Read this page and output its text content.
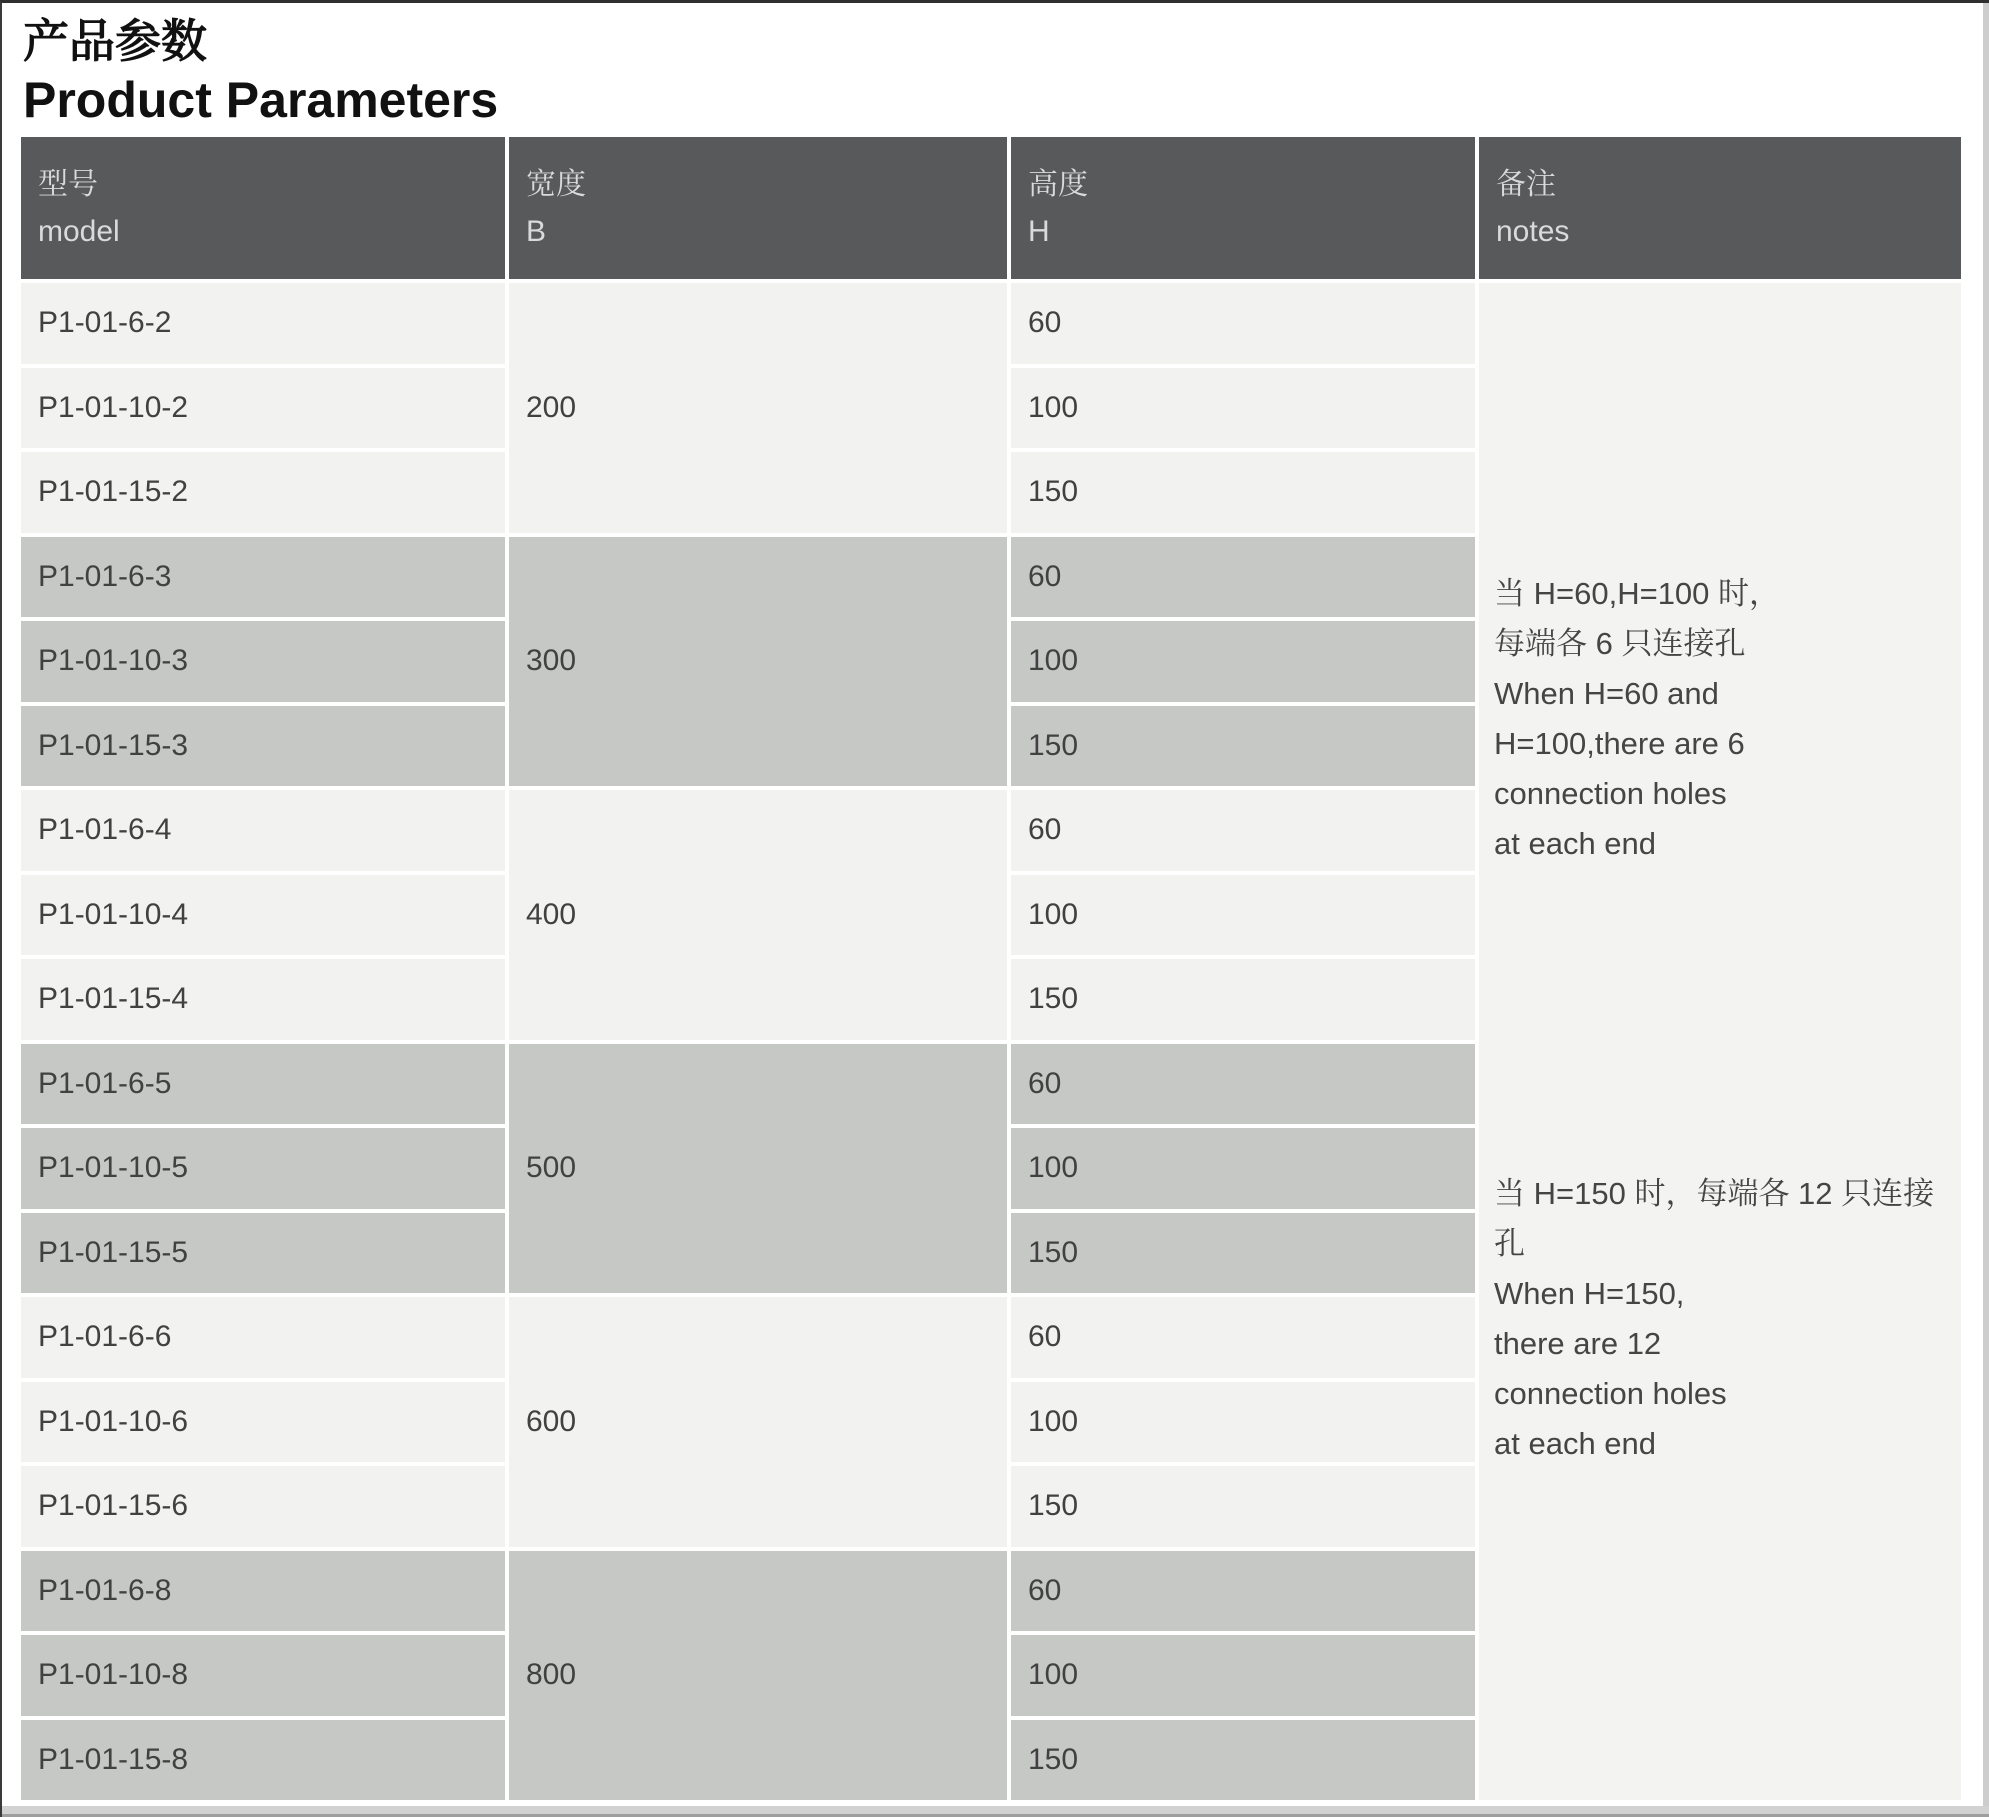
产品参数
Product Parameters
型号
model
宽度
B
高度
H
备注
notes
P1-01-6-2
P1-01-10-2
P1-01-15-2
200
60
100
150
P1-01-6-3
P1-01-10-3
P1-01-15-3
300
60
100
150
P1-01-6-4
P1-01-10-4
P1-01-15-4
400
60
100
150
P1-01-6-5
P1-01-10-5
P1-01-15-5
500
60
100
150
P1-01-6-6
P1-01-10-6
P1-01-15-6
600
60
100
150
P1-01-6-8
P1-01-10-8
P1-01-15-8
800
60
100
150
当 H=60,H=100 时，
每端各 6 只连接孔
When H=60 and
H=100,there are 6
connection holes
at each end
当 H=150 时，每端各 12 只连接孔
When H=150,
there are 12
connection holes
at each end
